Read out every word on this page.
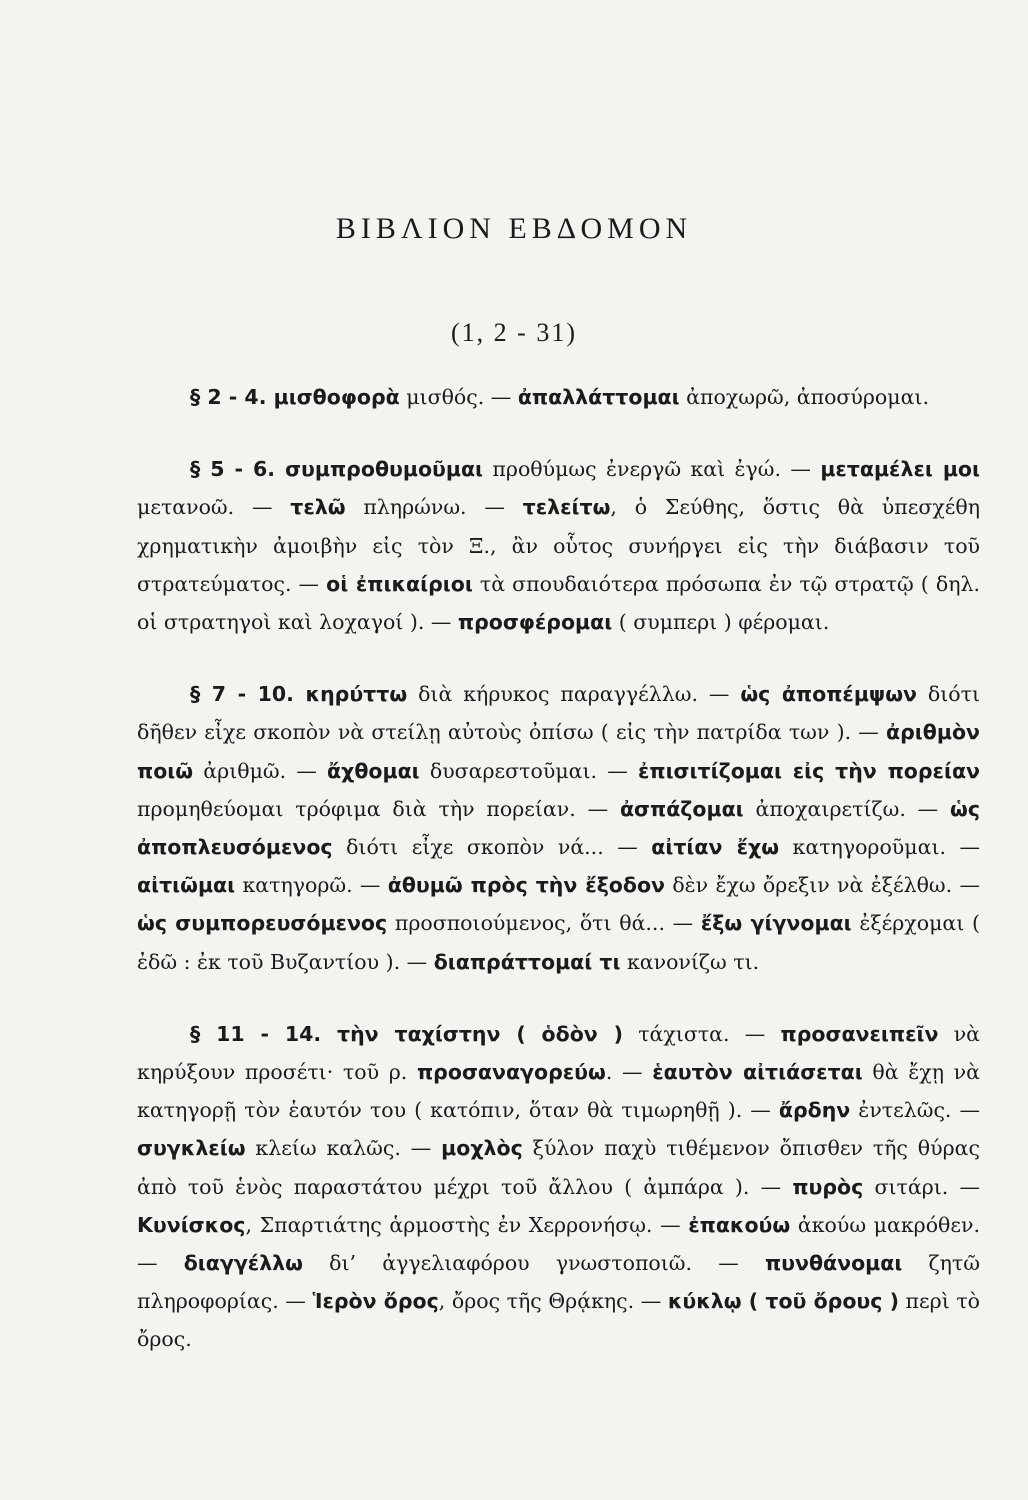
ΒΙΒΛΙΟΝ ΕΒΔΟΜΟΝ
(1, 2 - 31)

§ 2 - 4. μισθοφορὰ μισθός. — ἀπαλλάττομαι ἀποχωρῶ, ἀποσύρομαι.

§ 5 - 6. συμπροθυμοῦμαι προθύμως ἐνεργῶ καὶ ἐγώ. — μεταμέλει μοι μετανοῶ. — τελῶ πληρώνω. — τελείτω, ὁ Σεύθης, ὅστις θὰ ὑπεσχέθη χρηματικὴν ἀμοιβὴν εἰς τὸν Ξ., ἂν οὗτος συνήργει εἰς τὴν διάβασιν τοῦ στρατεύματος. — οἱ ἐπικαίριοι τὰ σπουδαιότερα πρόσωπα ἐν τῷ στρατῷ ( δηλ. οἱ στρατηγοὶ καὶ λοχαγοί ). — προσφέρομαι ( συμπερι ) φέρομαι.

§ 7 - 10. κηρύττω διὰ κήρυκος παραγγέλλω. — ὡς ἀποπέμψων διότι δῆθεν εἶχε σκοπὸν νὰ στείλῃ αὐτοὺς ὀπίσω ( εἰς τὴν πατρίδα των ). — ἀριθμὸν ποιῶ ἀριθμῶ. — ἄχθομαι δυσαρεστοῦμαι. — ἐπισιτίζομαι εἰς τὴν πορείαν προμηθεύομαι τρόφιμα διὰ τὴν πορείαν. — ἀσπάζομαι ἀποχαιρετίζω. — ὡς ἀποπλευσόμενος διότι εἶχε σκοπὸν νά... — αἰτίαν ἔχω κατηγοροῦμαι. — αἰτιῶμαι κατηγορῶ. — ἀθυμῶ πρὸς τὴν ἔξοδον δὲν ἔχω ὄρεξιν νὰ ἐξέλθω. — ὡς συμπορευσόμενος προσποιούμενος, ὅτι θά... — ἔξω γίγνομαι ἐξέρχομαι ( ἐδῶ : ἐκ τοῦ Βυζαντίου ). — διαπράττομαί τι κανονίζω τι.

§ 11 - 14. τὴν ταχίστην ( ὁδὸν ) τάχιστα. — προσανειπεῖν νὰ κηρύξουν προσέτι· τοῦ ρ. προσαναγορεύω. — ἑαυτὸν αἰτιάσεται θὰ ἔχῃ νὰ κατηγορῇ τὸν ἑαυτόν του ( κατόπιν, ὅταν θὰ τιμωρηθῇ ). — ἄρδην ἐντελῶς. — συγκλείω κλείω καλῶς. — μοχλὸς ξύλον παχὺ τιθέμενον ὄπισθεν τῆς θύρας ἀπὸ τοῦ ἑνὸς παραστάτου μέχρι τοῦ ἄλλου ( ἀμπάρα ). — πυρὸς σιτάρι. — Κυνίσκος, Σπαρτιάτης ἁρμοστὴς ἐν Χερρονήσῳ. — ἐπακούω ἀκούω μακρόθεν. — διαγγέλλω δι’ ἀγγελιαφόρου γνωστοποιῶ. — πυνθάνομαι ζητῶ πληροφορίας. — Ἱερὸν ὄρος, ὄρος τῆς Θρᾴκης. — κύκλῳ ( τοῦ ὄρους ) περὶ τὸ ὄρος.
